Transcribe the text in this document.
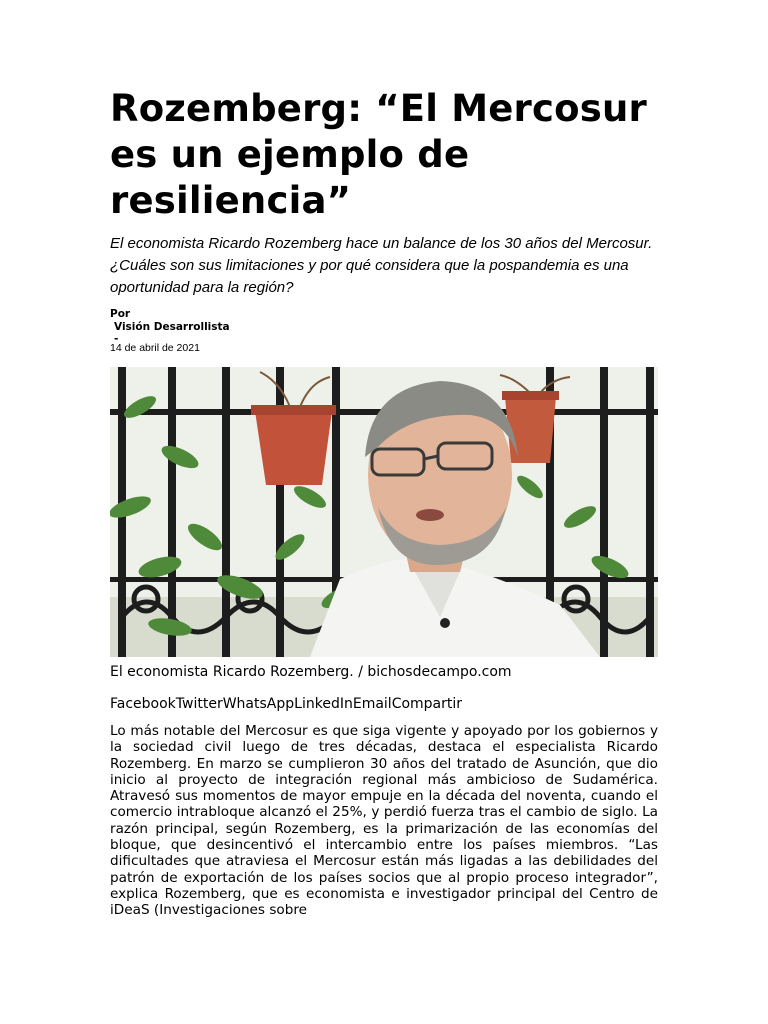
Rozemberg: “El Mercosur es un ejemplo de resiliencia”

El economista Ricardo Rozemberg hace un balance de los 30 años del Mercosur. ¿Cuáles son sus limitaciones y por qué considera que la pospandemia es una oportunidad para la región?

Por
Visión Desarrollista
-
14 de abril de 2021

El economista Ricardo Rozemberg. / bichosdecampo.com

FacebookTwitterWhatsAppLinkedInEmailCompartir

Lo más notable del Mercosur es que siga vigente y apoyado por los gobiernos y la sociedad civil luego de tres décadas, destaca el especialista Ricardo Rozemberg. En marzo se cumplieron 30 años del tratado de Asunción, que dio inicio al proyecto de integración regional más ambicioso de Sudamérica. Atravesó sus momentos de mayor empuje en la década del noventa, cuando el comercio intrabloque alcanzó el 25%, y perdió fuerza tras el cambio de siglo. La razón principal, según Rozemberg, es la primarización de las economías del bloque, que desincentivó el intercambio entre los países miembros. “Las dificultades que atraviesa el Mercosur están más ligadas a las debilidades del patrón de exportación de los países socios que al propio proceso integrador”, explica Rozemberg, que es economista e investigador principal del Centro de iDeaS (Investigaciones sobre
